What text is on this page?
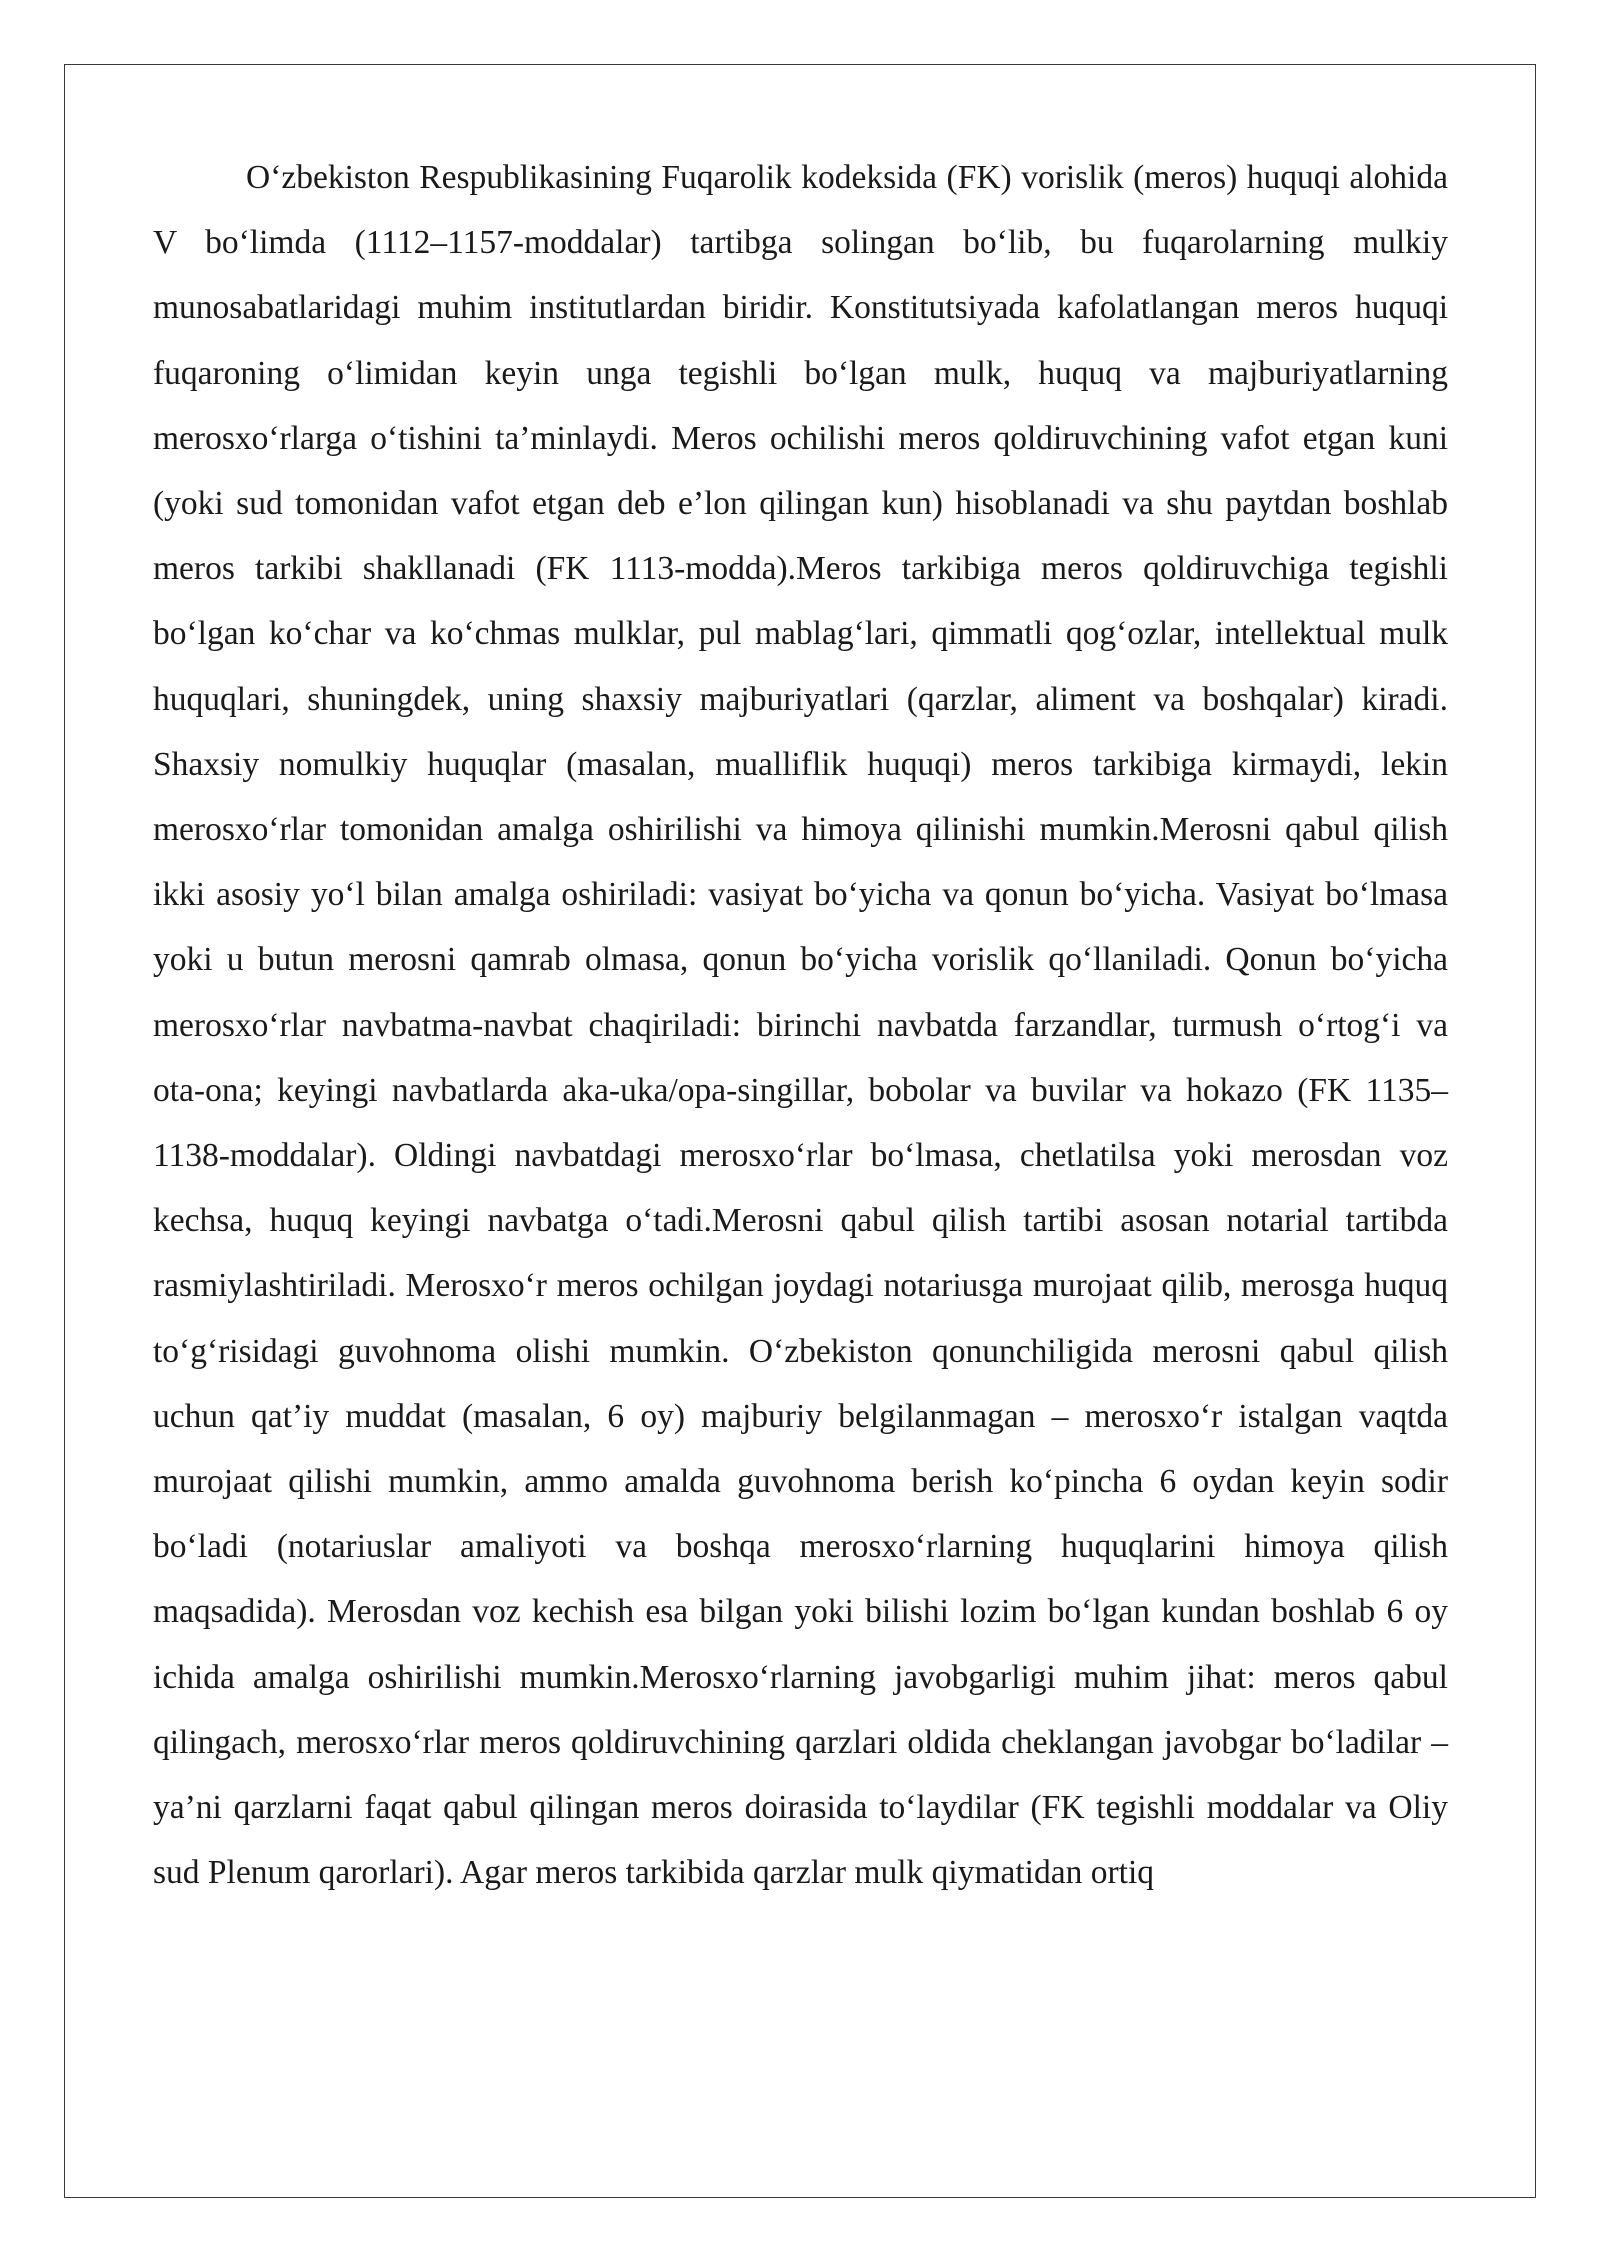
O‘zbekiston Respublikasining Fuqarolik kodeksida (FK) vorislik (meros) huquqi alohida V bo‘limda (1112–1157-moddalar) tartibga solingan bo‘lib, bu fuqarolarning mulkiy munosabatlaridagi muhim institutlardan biridir. Konstitutsiyada kafolatlangan meros huquqi fuqaroning o‘limidan keyin unga tegishli bo‘lgan mulk, huquq va majburiyatlarning merosxo‘rlarga o‘tishini ta’minlaydi. Meros ochilishi meros qoldiruvchining vafot etgan kuni (yoki sud tomonidan vafot etgan deb e’lon qilingan kun) hisoblanadi va shu paytdan boshlab meros tarkibi shakllanadi (FK 1113-modda).Meros tarkibiga meros qoldiruvchiga tegishli bo‘lgan ko‘char va ko‘chmas mulklar, pul mablag‘lari, qimmatli qog‘ozlar, intellektual mulk huquqlari, shuningdek, uning shaxsiy majburiyatlari (qarzlar, aliment va boshqalar) kiradi. Shaxsiy nomulkiy huquqlar (masalan, mualliflik huquqi) meros tarkibiga kirmaydi, lekin merosxo‘rlar tomonidan amalga oshirilishi va himoya qilinishi mumkin.Merosni qabul qilish ikki asosiy yo‘l bilan amalga oshiriladi: vasiyat bo‘yicha va qonun bo‘yicha. Vasiyat bo‘lmasa yoki u butun merosni qamrab olmasa, qonun bo‘yicha vorislik qo‘llaniladi. Qonun bo‘yicha merosxo‘rlar navbatma-navbat chaqiriladi: birinchi navbatda farzandlar, turmush o‘rtog‘i va ota-ona; keyingi navbatlarda aka-uka/opa-singillar, bobolar va buvilar va hokazo (FK 1135–1138-moddalar). Oldingi navbatdagi merosxo‘rlar bo‘lmasa, chetlatilsa yoki merosdan voz kechsa, huquq keyingi navbatga o‘tadi.Merosni qabul qilish tartibi asosan notarial tartibda rasmiylashtiriladi. Merosxo‘r meros ochilgan joydagi notariusga murojaat qilib, merosga huquq to‘g‘risidagi guvohnoma olishi mumkin. O‘zbekiston qonunchiligida merosni qabul qilish uchun qat’iy muddat (masalan, 6 oy) majburiy belgilanmagan – merosxo‘r istalgan vaqtda murojaat qilishi mumkin, ammo amalda guvohnoma berish ko‘pincha 6 oydan keyin sodir bo‘ladi (notariuslar amaliyoti va boshqa merosxo‘rlarning huquqlarini himoya qilish maqsadida). Merosdan voz kechish esa bilgan yoki bilishi lozim bo‘lgan kundan boshlab 6 oy ichida amalga oshirilishi mumkin.Merosxo‘rlarning javobgarligi muhim jihat: meros qabul qilingach, merosxo‘rlar meros qoldiruvchining qarzlari oldida cheklangan javobgar bo‘ladilar – ya’ni qarzlarni faqat qabul qilingan meros doirasida to‘laydilar (FK tegishli moddalar va Oliy sud Plenum qarorlari). Agar meros tarkibida qarzlar mulk qiymatidan ortiq
